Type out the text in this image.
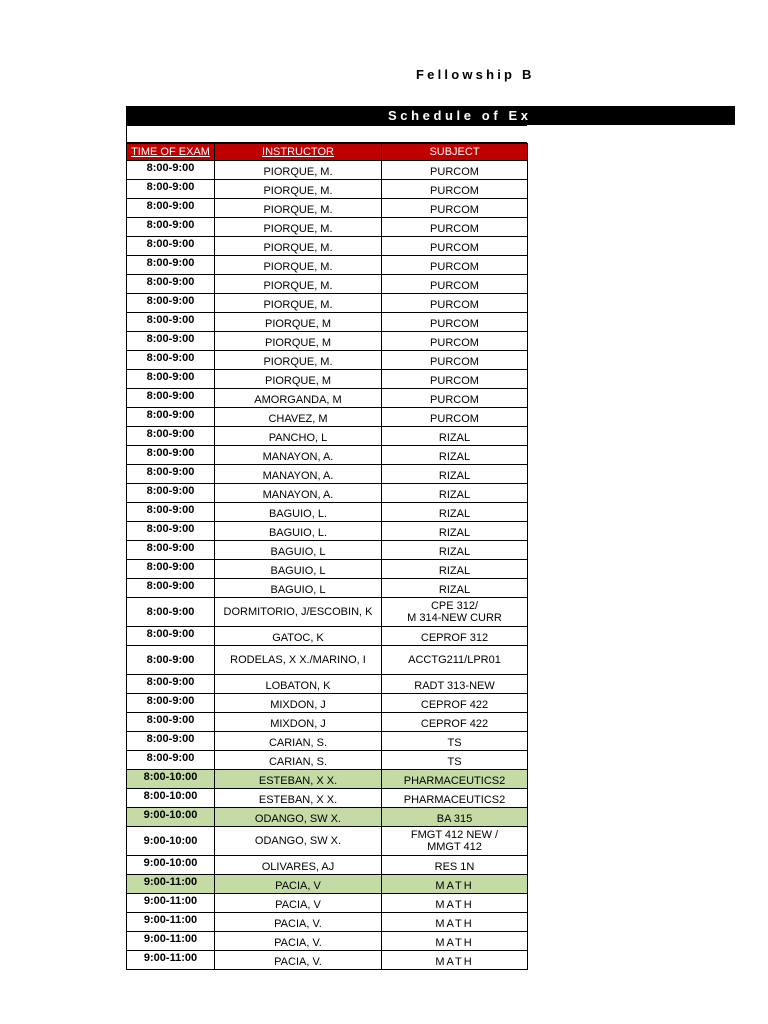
Fellowship B
Schedule of Ex
TIME OF EXAM	INSTRUCTOR	SUBJECT
8:00-9:00	PIORQUE, M.	PURCOM
8:00-9:00	PIORQUE, M.	PURCOM
8:00-9:00	PIORQUE, M.	PURCOM
8:00-9:00	PIORQUE, M.	PURCOM
8:00-9:00	PIORQUE, M.	PURCOM
8:00-9:00	PIORQUE, M.	PURCOM
8:00-9:00	PIORQUE, M.	PURCOM
8:00-9:00	PIORQUE, M.	PURCOM
8:00-9:00	PIORQUE, M	PURCOM
8:00-9:00	PIORQUE, M	PURCOM
8:00-9:00	PIORQUE, M.	PURCOM
8:00-9:00	PIORQUE, M	PURCOM
8:00-9:00	AMORGANDA, M	PURCOM
8:00-9:00	CHAVEZ, M	PURCOM
8:00-9:00	PANCHO, L	RIZAL
8:00-9:00	MANAYON, A.	RIZAL
8:00-9:00	MANAYON, A.	RIZAL
8:00-9:00	MANAYON, A.	RIZAL
8:00-9:00	BAGUIO, L.	RIZAL
8:00-9:00	BAGUIO, L.	RIZAL
8:00-9:00	BAGUIO, L	RIZAL
8:00-9:00	BAGUIO, L	RIZAL
8:00-9:00	BAGUIO, L	RIZAL
8:00-9:00	DORMITORIO, J/ESCOBIN, K	CPE 312/
M 314-NEW CURR
8:00-9:00	GATOC, K	CEPROF 312
8:00-9:00	RODELAS, X X./MARINO, I	ACCTG211/LPR01
8:00-9:00	LOBATON, K	RADT 313-NEW
8:00-9:00	MIXDON, J	CEPROF 422
8:00-9:00	MIXDON, J	CEPROF 422
8:00-9:00	CARIAN, S.	TS
8:00-9:00	CARIAN, S.	TS
8:00-10:00	ESTEBAN, X X.	PHARMACEUTICS2
8:00-10:00	ESTEBAN, X X.	PHARMACEUTICS2
9:00-10:00	ODANGO, SW X.	BA 315
9:00-10:00	ODANGO, SW X.	FMGT 412 NEW /
MMGT 412
9:00-10:00	OLIVARES, AJ	RES 1N
9:00-11:00	PACIA, V	MATH
9:00-11:00	PACIA, V	MATH
9:00-11:00	PACIA, V.	MATH
9:00-11:00	PACIA, V.	MATH
9:00-11:00	PACIA, V.	MATH
